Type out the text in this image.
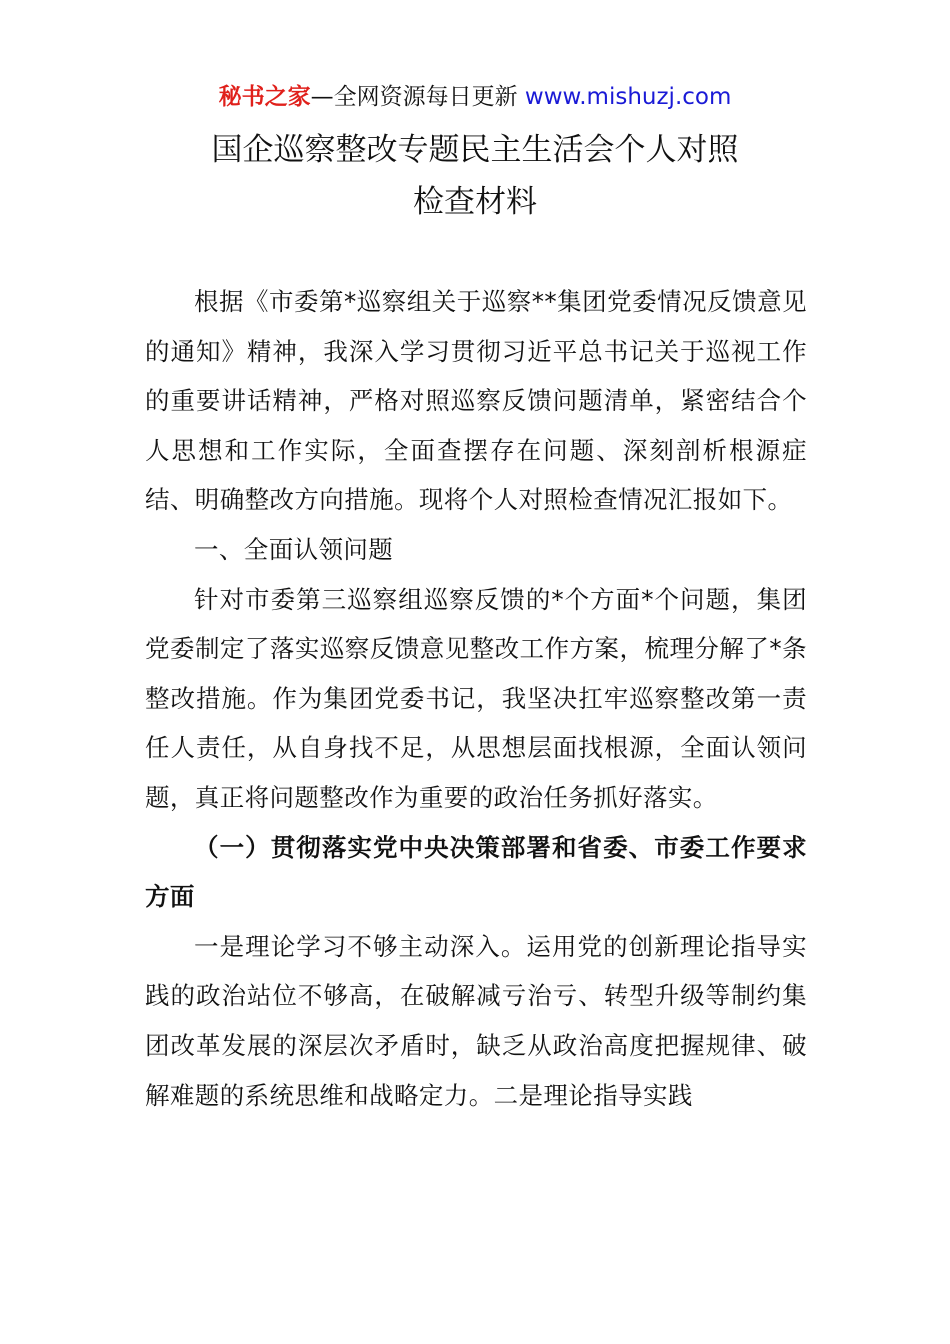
秘书之家—全网资源每日更新 www.mishuzj.com
国企巡察整改专题民主生活会个人对照
检查材料

根据《市委第*巡察组关于巡察**集团党委情况反馈意见的通知》精神，我深入学习贯彻习近平总书记关于巡视工作的重要讲话精神，严格对照巡察反馈问题清单，紧密结合个人思想和工作实际，全面查摆存在问题、深刻剖析根源症结、明确整改方向措施。现将个人对照检查情况汇报如下。

一、全面认领问题

针对市委第三巡察组巡察反馈的*个方面*个问题，集团党委制定了落实巡察反馈意见整改工作方案，梳理分解了*条整改措施。作为集团党委书记，我坚决扛牢巡察整改第一责任人责任，从自身找不足，从思想层面找根源，全面认领问题，真正将问题整改作为重要的政治任务抓好落实。

（一）贯彻落实党中央决策部署和省委、市委工作要求方面

一是理论学习不够主动深入。运用党的创新理论指导实践的政治站位不够高，在破解减亏治亏、转型升级等制约集团改革发展的深层次矛盾时，缺乏从政治高度把握规律、破解难题的系统思维和战略定力。二是理论指导实践
